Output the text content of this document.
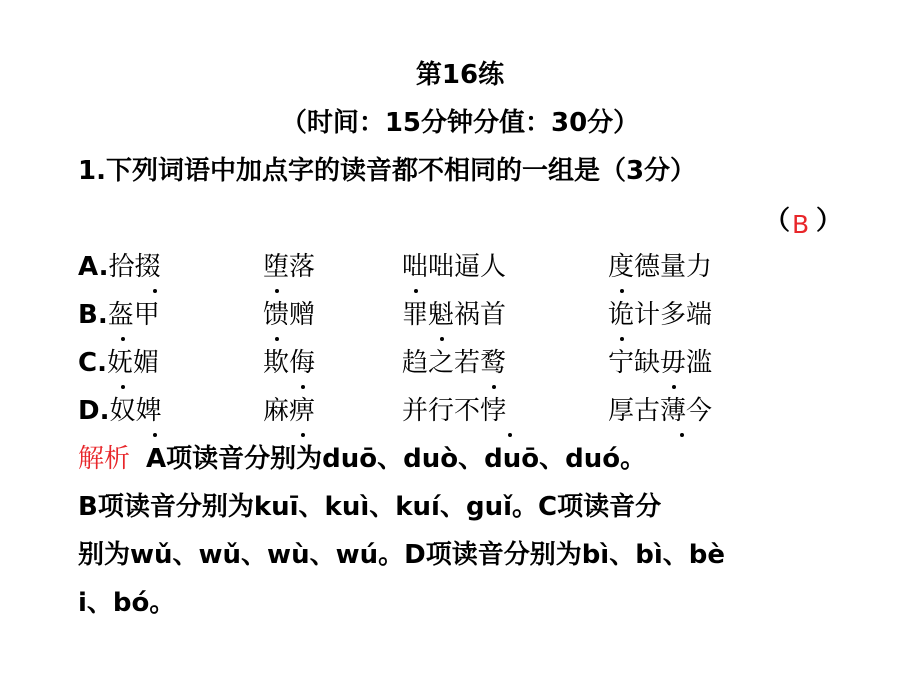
第16练
（时间：15分钟分值：30分）
1.下列词语中加点字的读音都不相同的一组是（3分）
（ B ）
A.拾掇	堕落	咄咄逼人	度德量力
B.盔甲	馈赠	罪魁祸首	诡计多端
C.妩媚	欺侮	趋之若鹜	宁缺毋滥
D.奴婢	麻痹	并行不悖	厚古薄今
解析 A项读音分别为duō、duò、duō、duó。
B项读音分别为kuī、kuì、kuí、guǐ。C项读音分
别为wǔ、wǔ、wù、wú。D项读音分别为bì、bì、bè
i、bó。
